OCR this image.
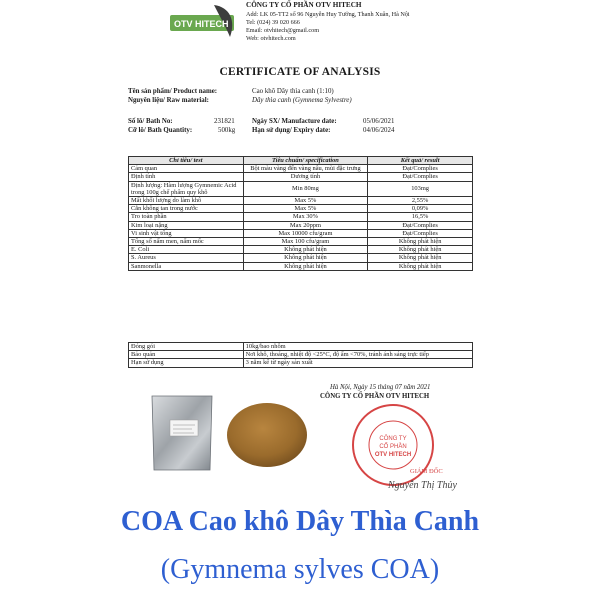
OTV HITECH
CÔNG TY CỔ PHẦN OTV HITECH
Add: LK 05-TT2 số 96 Nguyễn Huy Tưởng, Thanh Xuân, Hà Nội
Tel: (024) 39 020 666
Email: otvhitech@gmail.com
Web: otvhitech.com
CERTIFICATE OF ANALYSIS
Tên sản phẩm/ Product name:	Cao khô Dây thìa canh (1:10)
Nguyên liệu/ Raw material:	Dây thìa canh (Gymnema Sylvestre)
Số lô/ Bath No:	231821
Cỡ lô/ Bath Quantity:	500kg
Ngày SX/ Manufacture date:	05/06/2021
Hạn sử dụng/ Expiry date:	04/06/2024
Chỉ tiêu/ test	Tiêu chuẩn/ specification	Kết quả/ result
Cảm quan	Bột màu vàng đến vàng nâu, mùi đặc trưng	Đạt/Complies
Định tính	Dương tính	Đạt/Complies
Định lượng: Hàm lượng Gymnemic Acid trong 100g chế phẩm quy khô	Min 80mg	103mg
Mất khối lượng do làm khô	Max 5%	2,55%
Cắn không tan trong nước	Max 5%	0,09%
Tro toàn phần	Max 30%	16,5%
Kim loại nặng	Max 20ppm	Đạt/Complies
Vi sinh vật tổng	Max 10000 cfu/gram	Đạt/Complies
Tổng số nấm men, nấm mốc	Max 100 cfu/gram	Không phát hiện
E. Coli	Không phát hiện	Không phát hiện
S. Aureus	Không phát hiện	Không phát hiện
Sanmonella	Không phát hiện	Không phát hiện
Đóng gói	10kg/bao nhôm
Bảo quản	Nơi khô, thoáng, nhiệt độ <25°C, độ ẩm <70%, tránh ánh sáng trực tiếp
Hạn sử dụng	3 năm kể từ ngày sản xuất
Hà Nội, Ngày 15 tháng 07 năm 2021
CÔNG TY CỔ PHẦN OTV HITECH
CÔNG TY
CỔ PHẦN
OTV HITECH
GIÁM ĐỐC
Nguyễn Thị Thủy
COA Cao khô Dây Thìa Canh
(Gymnema sylves COA)
